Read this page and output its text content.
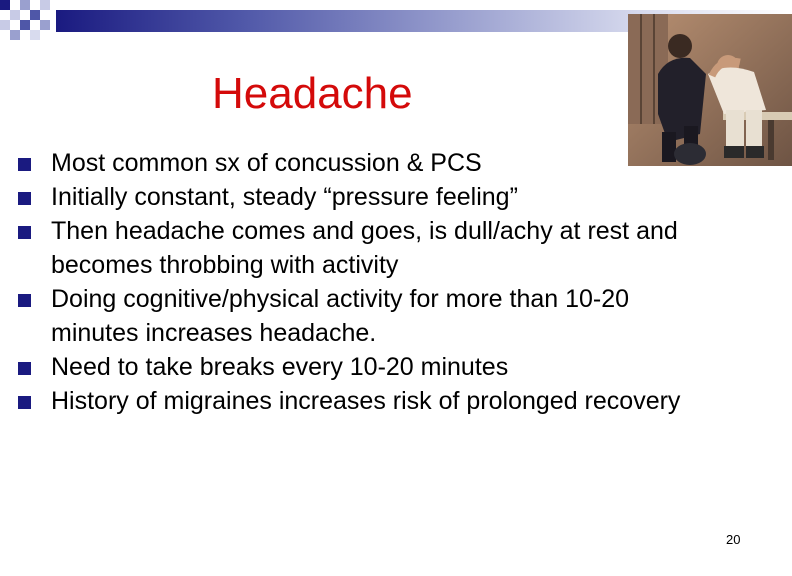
Headache
Most common sx of concussion & PCS
Initially constant, steady “pressure feeling”
Then headache comes and goes, is dull/achy at rest and becomes throbbing with activity
Doing cognitive/physical activity for more than 10-20 minutes increases headache.
Need to take breaks every 10-20 minutes
History of migraines increases risk of prolonged recovery
20
